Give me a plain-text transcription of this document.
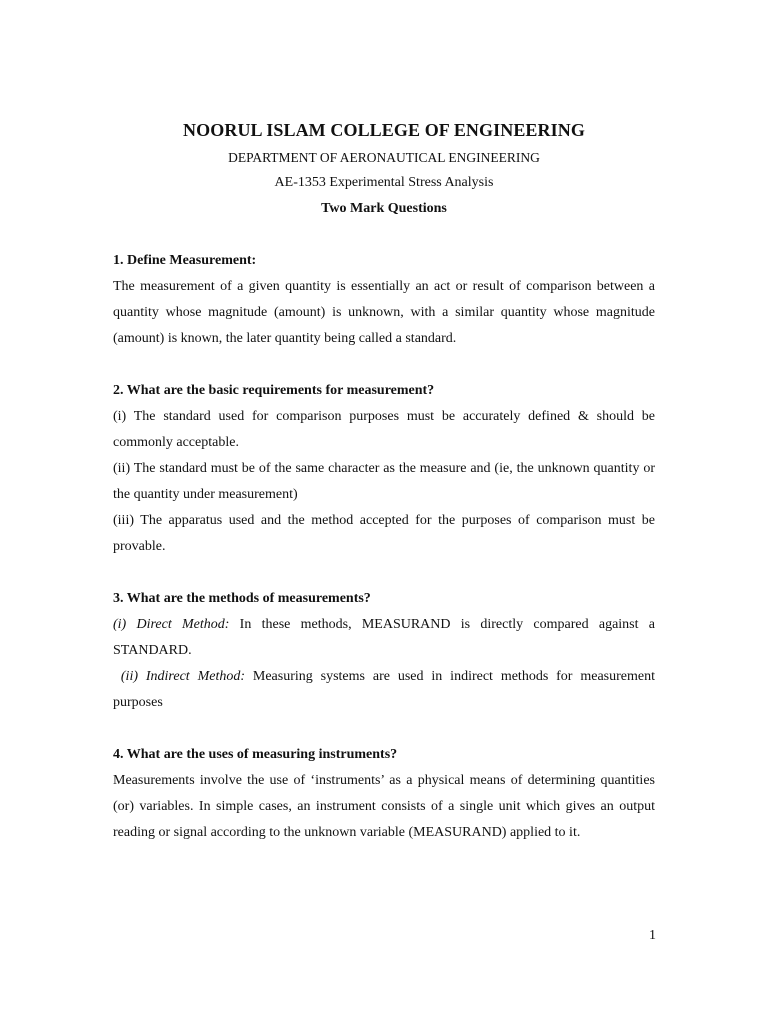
NOORUL ISLAM COLLEGE OF ENGINEERING
DEPARTMENT OF AERONAUTICAL ENGINEERING
AE-1353 Experimental Stress Analysis
Two Mark Questions

1. Define Measurement:

The measurement of a given quantity is essentially an act or result of comparison between a quantity whose magnitude (amount) is unknown, with a similar quantity whose magnitude (amount) is known, the later quantity being called a standard.

2. What are the basic requirements for measurement?

(i) The standard used for comparison purposes must be accurately defined & should be commonly acceptable.

(ii) The standard must be of the same character as the measure and (ie, the unknown quantity or the quantity under measurement)

(iii) The apparatus used and the method accepted for the purposes of comparison must be provable.

3. What are the methods of measurements?

(i) Direct Method: In these methods, MEASURAND is directly compared against a STANDARD.

(ii) Indirect Method: Measuring systems are used in indirect methods for measurement purposes

4. What are the uses of measuring instruments?

Measurements involve the use of ‘instruments’ as a physical means of determining quantities (or) variables. In simple cases, an instrument consists of a single unit which gives an output reading or signal according to the unknown variable (MEASURAND) applied to it.

1
